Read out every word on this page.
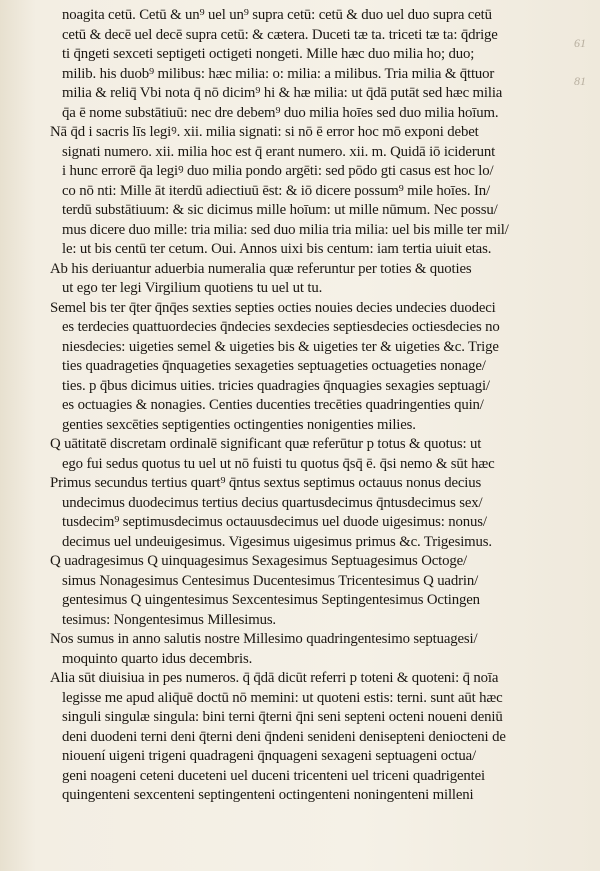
61
81
noagita cetū. Cetū & un⁹ uel un⁹ supra cetū: cetū & duo uel duo supra cetū
cetū & decē uel decē supra cetū: & cætera. Duceti tæ ta. triceti tæ ta: q̄drige
ti q̄ngeti sexceti septigeti octigeti nongeti. Mille hæc duo milia ho; duo;
milib. his duob⁹ milibus: hæc milia: o: milia: a milibus. Tria milia & q̄ttuor
milia & reliq̄ Vbi nota q̄ nō dicim⁹ hi & hæ milia: ut q̄dā putāt sed hæc milia
q̄a ē nome substātiuū: nec dre debem⁹ duo milia hoīes sed duo milia hoīum.
Nā q̄d i sacris līs legiꝰ. xii. milia signati: si nō ē error hoc mō exponi debet
signati numero. xii. milia hoc est q̄ erant numero. xii. m. Quidā iō iciderunt
i hunc errorē q̄a legiꝰ duo milia pondo argēti: sed pōdo gti casus est hoc lo/
co nō nti: Mille āt iterdū adiectiuū ēst: & iō dicere possum⁹ mile hoīes. In/
terdū substātiuum: & sic dicimus mille hoīum: ut mille nūmum. Nec possu/
mus dicere duo mille: tria milia: sed duo milia tria milia: uel bis mille ter mil/
le: ut bis centū ter cetum. Oui. Annos uixi bis centum: iam tertia uiuit etas.
Ab his deriuantur aduerbia numeralia quæ referuntur per toties & quoties
ut ego ter legi Virgilium quotiens tu uel ut tu.
Semel bis ter q̄ter q̄nq̄es sexties septies octies nouies decies undecies duodeci
es terdecies quattuordecies q̄ndecies sexdecies septiesdecies octiesdecies no
niesdecies: uigeties semel & uigeties bis & uigeties ter & uigeties &c. Trige
ties quadrageties q̄nquageties sexageties septuageties octuageties nonage/
ties. p q̄bus dicimus uities. tricies quadragies q̄nquagies sexagies septuagi/
es octuagies & nonagies. Centies ducenties trecēties quadringenties quin/
genties sexcēties septigenties octingenties nonigenties milies.
Q uātitatē discretam ordinalē significant quæ referūtur p totus & quotus: ut
ego fui sedus quotus tu uel ut nō fuisti tu quotus q̄sq̄ ē. q̄si nemo & sūt hæc
Primus secundus tertius quart⁹ q̄ntus sextus septimus octauus nonus decius
undecimus duodecimus tertius decius quartusdecimus q̄ntusdecimus sex/
tusdecim⁹ septimusdecimus octauusdecimus uel duode uigesimus: nonus/
decimus uel undeuigesimus. Vigesimus uigesimus primus &c. Trigesimus.
Q uadragesimus Q uinquagesimus Sexagesimus Septuagesimus Octoge/
simus Nonagesimus Centesimus Ducentesimus Tricentesimus Q uadrin/
gentesimus Q uingentesimus Sexcentesimus Septingentesimus Octingen
tesimus: Nongentesimus Millesimus.
Nos sumus in anno salutis nostre Millesimo quadringentesimo septuagesi/
moquinto quarto idus decembris.
Alia sūt diuisiua in pes numeros. q̄ q̄dā dicūt referri p toteni & quoteni: q̄ noīa
legisse me apud aliq̄uē doctū nō memini: ut quoteni estis: terni. sunt aūt hæc
singuli singulæ singula: bini terni q̄terni q̄ni seni septeni octeni noueni deniū
deni duodeni terni deni q̄terni deni q̄ndeni senideni denisepteni deniocteni de
niouení uigeni trigeni quadrageni q̄nquageni sexageni septuageni octua/
geni noageni ceteni duceteni uel duceni tricenteni uel triceni quadrigentei
quingenteni sexcenteni septingenteni octingenteni noningenteni milleni
